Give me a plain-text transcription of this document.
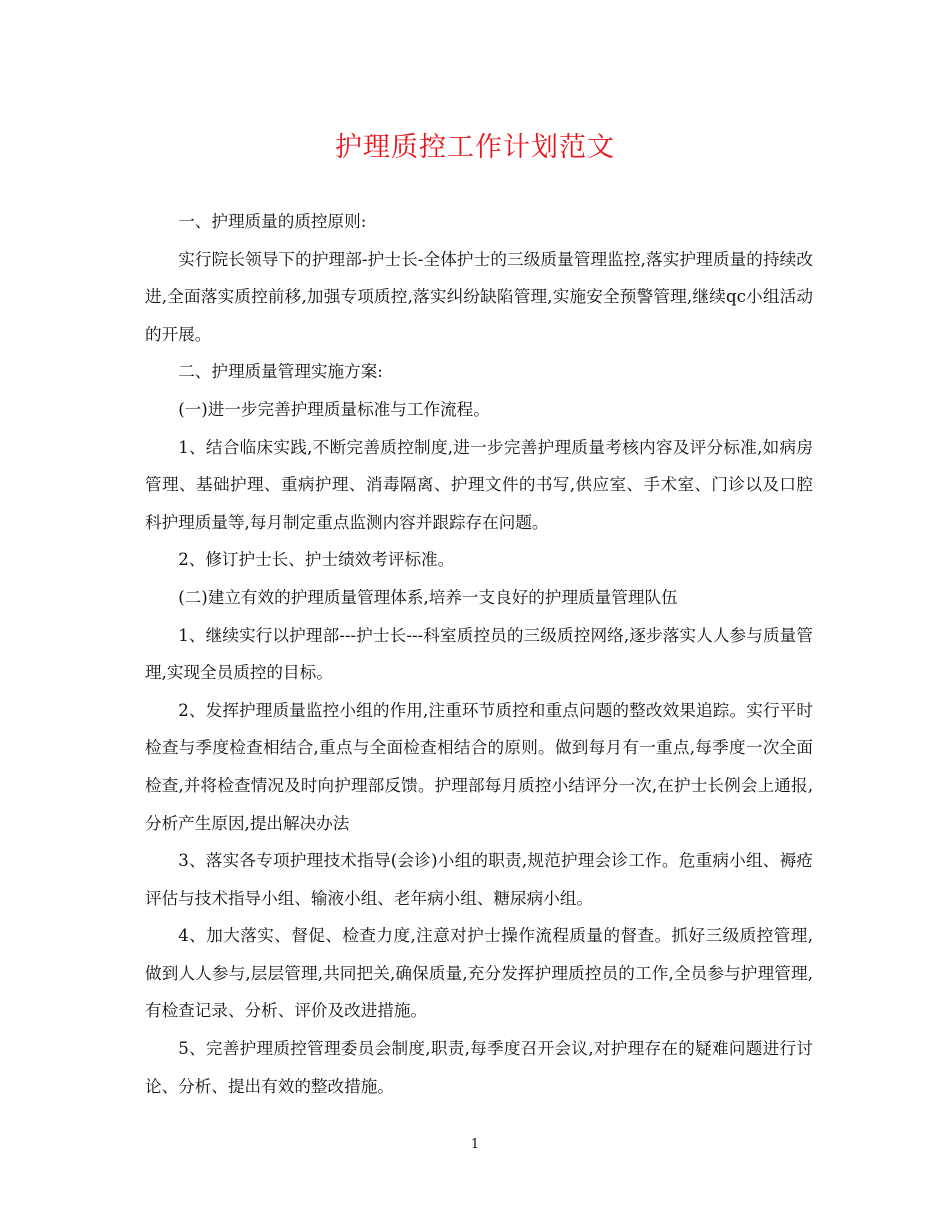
护理质控工作计划范文

一、护理质量的质控原则:

实行院长领导下的护理部-护士长-全体护士的三级质量管理监控,落实护理质量的持续改进,全面落实质控前移,加强专项质控,落实纠纷缺陷管理,实施安全预警管理,继续qc小组活动的开展。

二、护理质量管理实施方案:

(一)进一步完善护理质量标准与工作流程。

1、结合临床实践,不断完善质控制度,进一步完善护理质量考核内容及评分标准,如病房管理、基础护理、重病护理、消毒隔离、护理文件的书写,供应室、手术室、门诊以及口腔科护理质量等,每月制定重点监测内容并跟踪存在问题。

2、修订护士长、护士绩效考评标准。

(二)建立有效的护理质量管理体系,培养一支良好的护理质量管理队伍

1、继续实行以护理部---护士长---科室质控员的三级质控网络,逐步落实人人参与质量管理,实现全员质控的目标。

2、发挥护理质量监控小组的作用,注重环节质控和重点问题的整改效果追踪。实行平时检查与季度检查相结合,重点与全面检查相结合的原则。做到每月有一重点,每季度一次全面检查,并将检查情况及时向护理部反馈。护理部每月质控小结评分一次,在护士长例会上通报,分析产生原因,提出解决办法

3、落实各专项护理技术指导(会诊)小组的职责,规范护理会诊工作。危重病小组、褥疮评估与技术指导小组、输液小组、老年病小组、糖尿病小组。

4、加大落实、督促、检查力度,注意对护士操作流程质量的督查。抓好三级质控管理,做到人人参与,层层管理,共同把关,确保质量,充分发挥护理质控员的工作,全员参与护理管理,有检查记录、分析、评价及改进措施。

5、完善护理质控管理委员会制度,职责,每季度召开会议,对护理存在的疑难问题进行讨论、分析、提出有效的整改措施。

1
